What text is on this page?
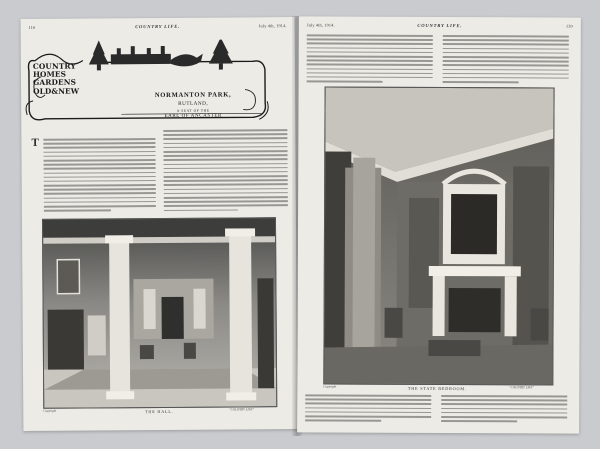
116	COUNTRY LIFE.	July 4th, 1914.
COUNTRY
HOMES
GARDENS
OLD&NEW	NORMANTON PARK,
RUTLAND,
A SEAT OF THE
EARL OF ANCASTER
T
Copyright	THE HALL.	"COUNTRY LIFE"
July 4th, 1914.	COUNTRY LIFE.	139
Copyright	THE STATE BEDROOM.	"COUNTRY LIFE"
